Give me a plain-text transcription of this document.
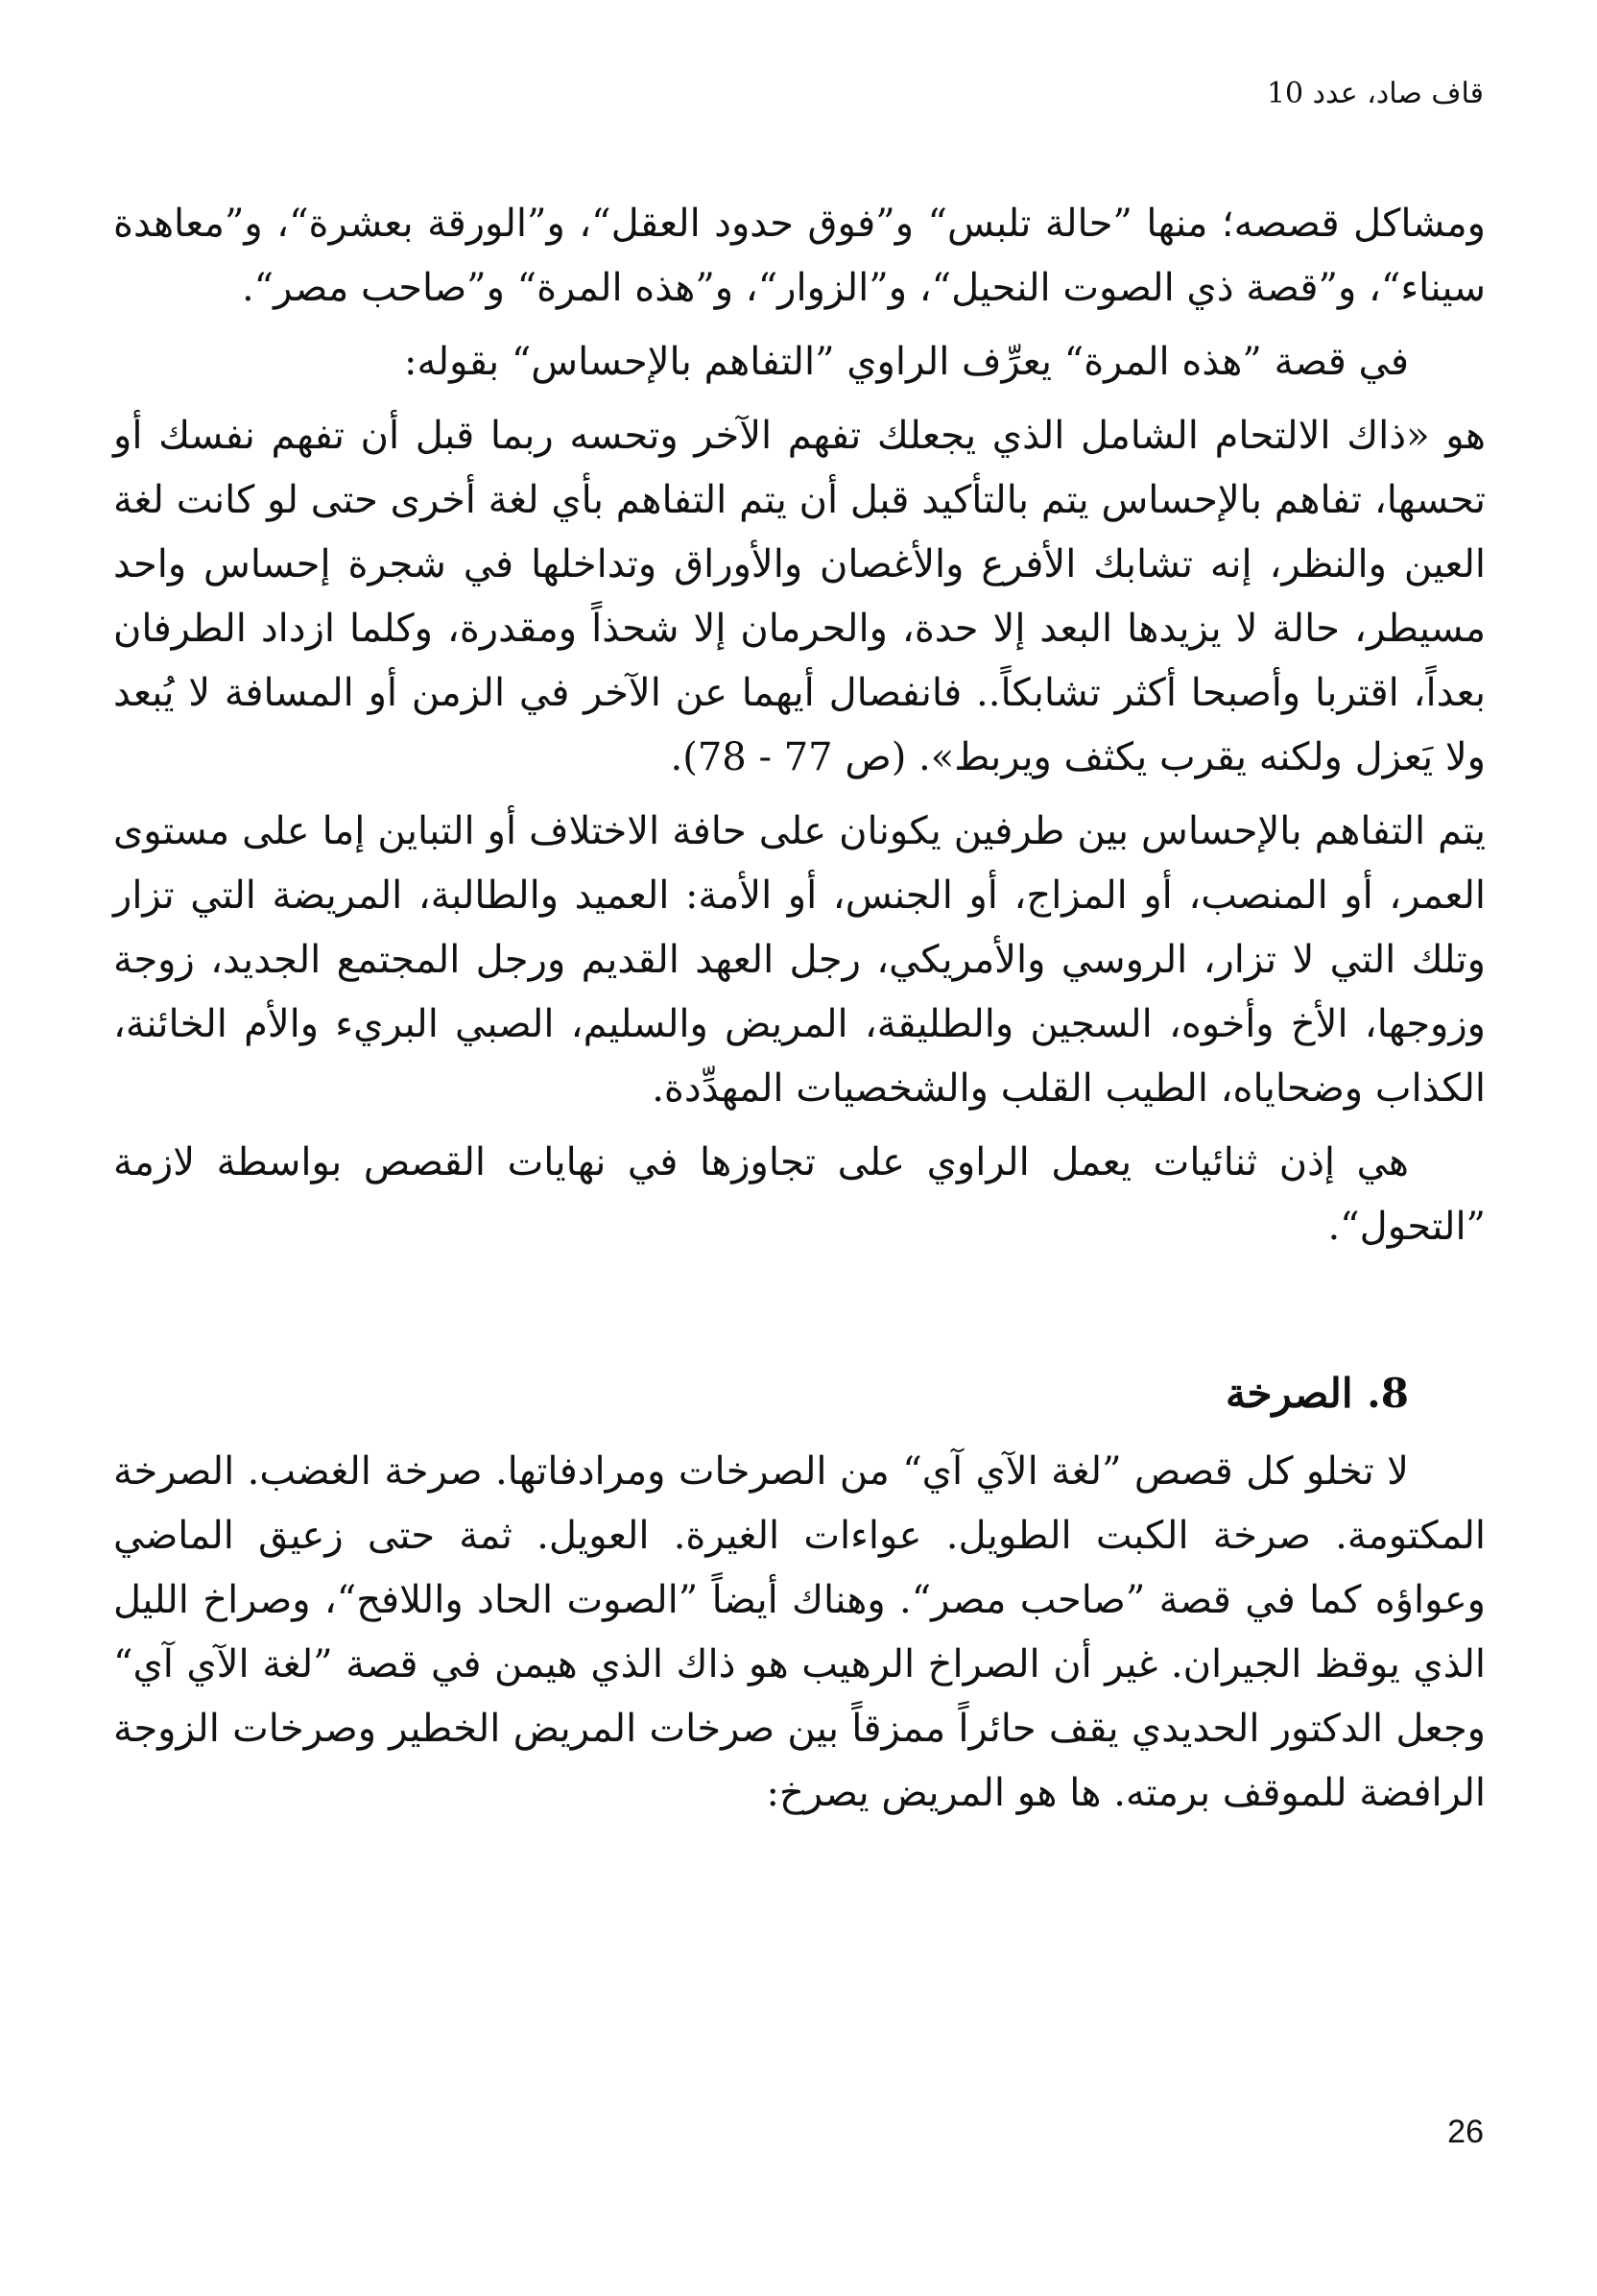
قاف صاد، عدد 10

ومشاكل قصصه؛ منها ”حالة تلبس“ و”فوق حدود العقل“، و”الورقة بعشرة“، و”معاهدة سيناء“، و”قصة ذي الصوت النحيل“، و”الزوار“، و”هذه المرة“ و”صاحب مصر“.

في قصة ”هذه المرة“ يعرِّف الراوي ”التفاهم بالإحساس“ بقوله:

هو «ذاك الالتحام الشامل الذي يجعلك تفهم الآخر وتحسه ربما قبل أن تفهم نفسك أو تحسها، تفاهم بالإحساس يتم بالتأكيد قبل أن يتم التفاهم بأي لغة أخرى حتى لو كانت لغة العين والنظر، إنه تشابك الأفرع والأغصان والأوراق وتداخلها في شجرة إحساس واحد مسيطر، حالة لا يزيدها البعد إلا حدة، والحرمان إلا شحذاً ومقدرة، وكلما ازداد الطرفان بعداً، اقتربا وأصبحا أكثر تشابكاً.. فانفصال أيهما عن الآخر في الزمن أو المسافة لا يُبعد ولا يَعزل ولكنه يقرب يكثف ويربط». (ص 77 - 78).

يتم التفاهم بالإحساس بين طرفين يكونان على حافة الاختلاف أو التباين إما على مستوى العمر، أو المنصب، أو المزاج، أو الجنس، أو الأمة: العميد والطالبة، المريضة التي تزار وتلك التي لا تزار، الروسي والأمريكي، رجل العهد القديم ورجل المجتمع الجديد، زوجة وزوجها، الأخ وأخوه، السجين والطليقة، المريض والسليم، الصبي البريء والأم الخائنة، الكذاب وضحاياه، الطيب القلب والشخصيات المهدِّدة.

هي إذن ثنائيات يعمل الراوي على تجاوزها في نهايات القصص بواسطة لازمة ”التحول“.

8. الصرخة

لا تخلو كل قصص ”لغة الآي آي“ من الصرخات ومرادفاتها. صرخة الغضب. الصرخة المكتومة. صرخة الكبت الطويل. عواءات الغيرة. العويل. ثمة حتى زعيق الماضي وعواؤه كما في قصة ”صاحب مصر“. وهناك أيضاً ”الصوت الحاد واللافح“، وصراخ الليل الذي يوقظ الجيران. غير أن الصراخ الرهيب هو ذاك الذي هيمن في قصة ”لغة الآي آي“ وجعل الدكتور الحديدي يقف حائراً ممزقاً بين صرخات المريض الخطير وصرخات الزوجة الرافضة للموقف برمته. ها هو المريض يصرخ:

26
